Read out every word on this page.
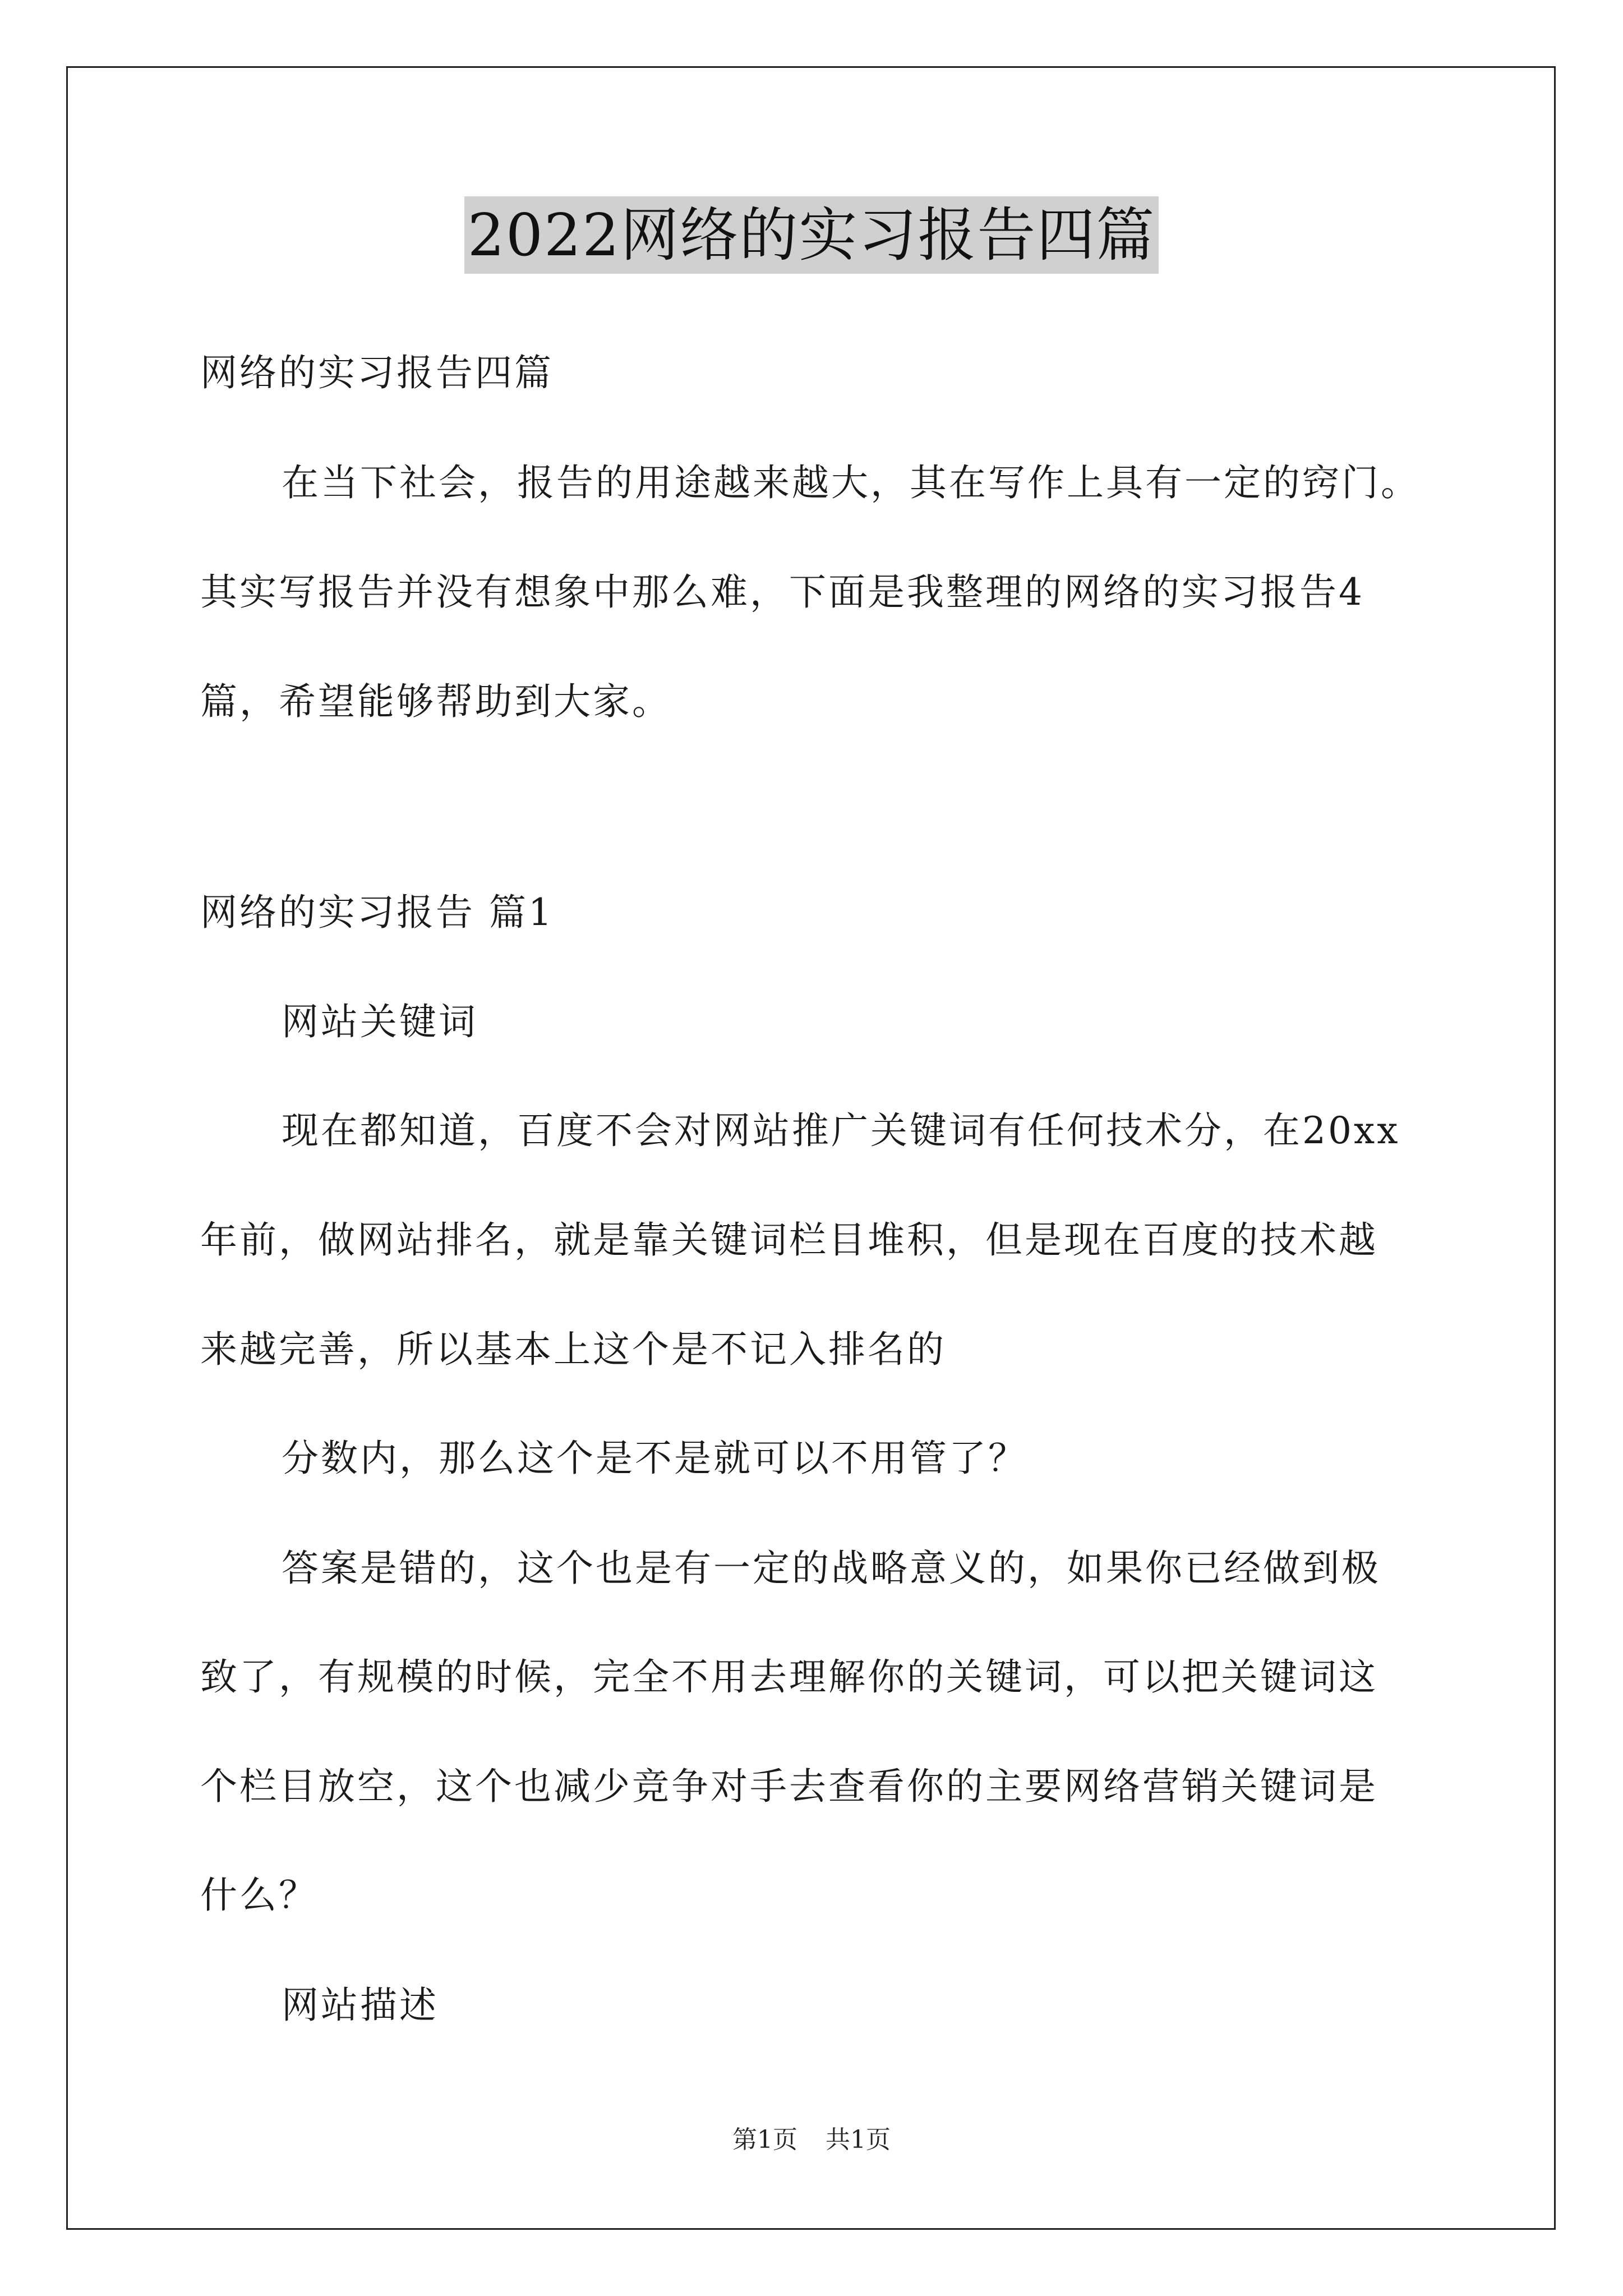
2022网络的实习报告四篇
网络的实习报告四篇
在当下社会，报告的用途越来越大，其在写作上具有一定的窍门。
其实写报告并没有想象中那么难，下面是我整理的网络的实习报告4
篇，希望能够帮助到大家。
网络的实习报告 篇1
网站关键词
现在都知道，百度不会对网站推广关键词有任何技术分，在20xx
年前，做网站排名，就是靠关键词栏目堆积，但是现在百度的技术越
来越完善，所以基本上这个是不记入排名的
分数内，那么这个是不是就可以不用管了？
答案是错的，这个也是有一定的战略意义的，如果你已经做到极
致了，有规模的时候，完全不用去理解你的关键词，可以把关键词这
个栏目放空，这个也减少竞争对手去查看你的主要网络营销关键词是
什么？
网站描述
第1页 共1页
